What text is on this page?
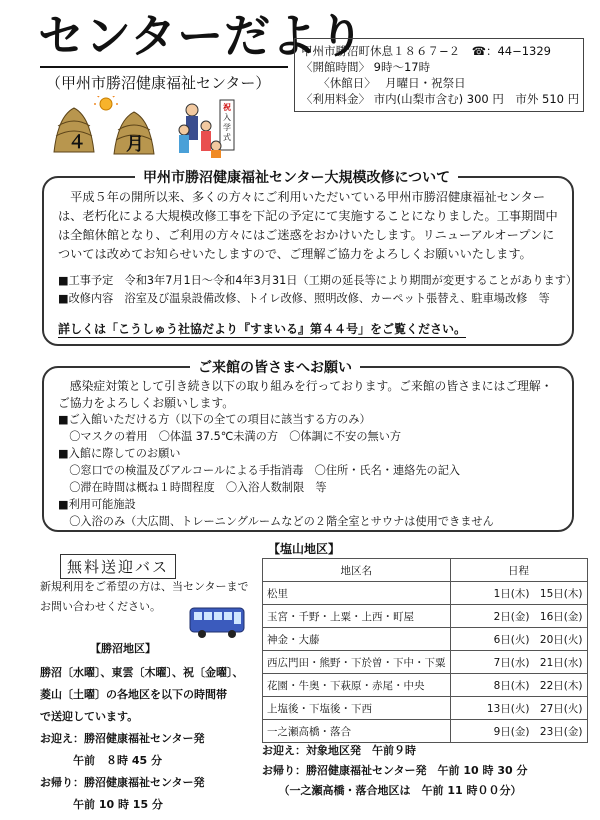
センターだより
（甲州市勝沼健康福祉センター）
甲州市勝沼町休息１８６７−２　☎：44−1329
〈開館時間〉 9時～17時
　　〈休館日〉　 月曜日・祝祭日
〈利用料金〉 市内(山梨市含む) 300 円　市外 510 円
４ 月
祝
入
学
式
甲州市勝沼健康福祉センター大規模改修について
　平成５年の開所以来、多くの方々にご利用いただいている甲州市勝沼健康福祉センターは、老朽化による大規模改修工事を下記の予定にて実施することになりました。工事期間中は全館休館となり、ご利用の方々にはご迷惑をおかけいたします。リニューアルオープンについては改めてお知らせいたしますので、ご理解ご協力をよろしくお願いいたします。
■工事予定　令和3年7月1日～令和4年3月31日（工期の延長等により期間が変更することがあります）
■改修内容　浴室及び温泉設備改修、トイレ改修、照明改修、カーペット張替え、駐車場改修　等
詳しくは「こうしゅう社協だより『すまいる』第４４号」をご覧ください。
ご来館の皆さまへお願い
　感染症対策として引き続き以下の取り組みを行っております。ご来館の皆さまにはご理解・ご協力をよろしくお願いします。
■ご入館いただける方（以下の全ての項目に該当する方のみ）
　〇マスクの着用　〇体温 37.5℃未満の方　〇体調に不安の無い方
■入館に際してのお願い
　〇窓口での検温及びアルコールによる手指消毒　〇住所・氏名・連絡先の記入
　〇滞在時間は概ね１時間程度　〇入浴人数制限　等
■利用可能施設
　〇入浴のみ（大広間、トレーニングルームなどの２階全室とサウナは使用できません
無料送迎バス
新規利用をご希望の方は、当センターまで
お問い合わせください。
【勝沼地区】
勝沼〔水曜〕、東雲〔木曜〕、祝〔金曜〕、
菱山〔土曜〕の各地区を以下の時間帯
で送迎しています。
お迎え：勝沼健康福祉センター発
　　　午前　８時 45 分
お帰り：勝沼健康福祉センター発
　　　午前 10 時 15 分
【塩山地区】
地区名	日程
松里	1日(木)　15日(木)
玉宮・千野・上粟・上西・町屋	2日(金)　16日(金)
神金・大藤	6日(火)　20日(火)
西広門田・熊野・下於曽・下中・下粟	7日(水)　21日(水)
花園・牛奥・下萩原・赤尾・中央	8日(木)　22日(木)
上塩後・下塩後・下西	13日(火)　27日(火)
一之瀬高橋・落合	9日(金)　23日(金)
お迎え：対象地区発　午前９時
お帰り：勝沼健康福祉センター発　午前 10 時 30 分
　　（一之瀬高橋・落合地区は　午前 11 時００分）
